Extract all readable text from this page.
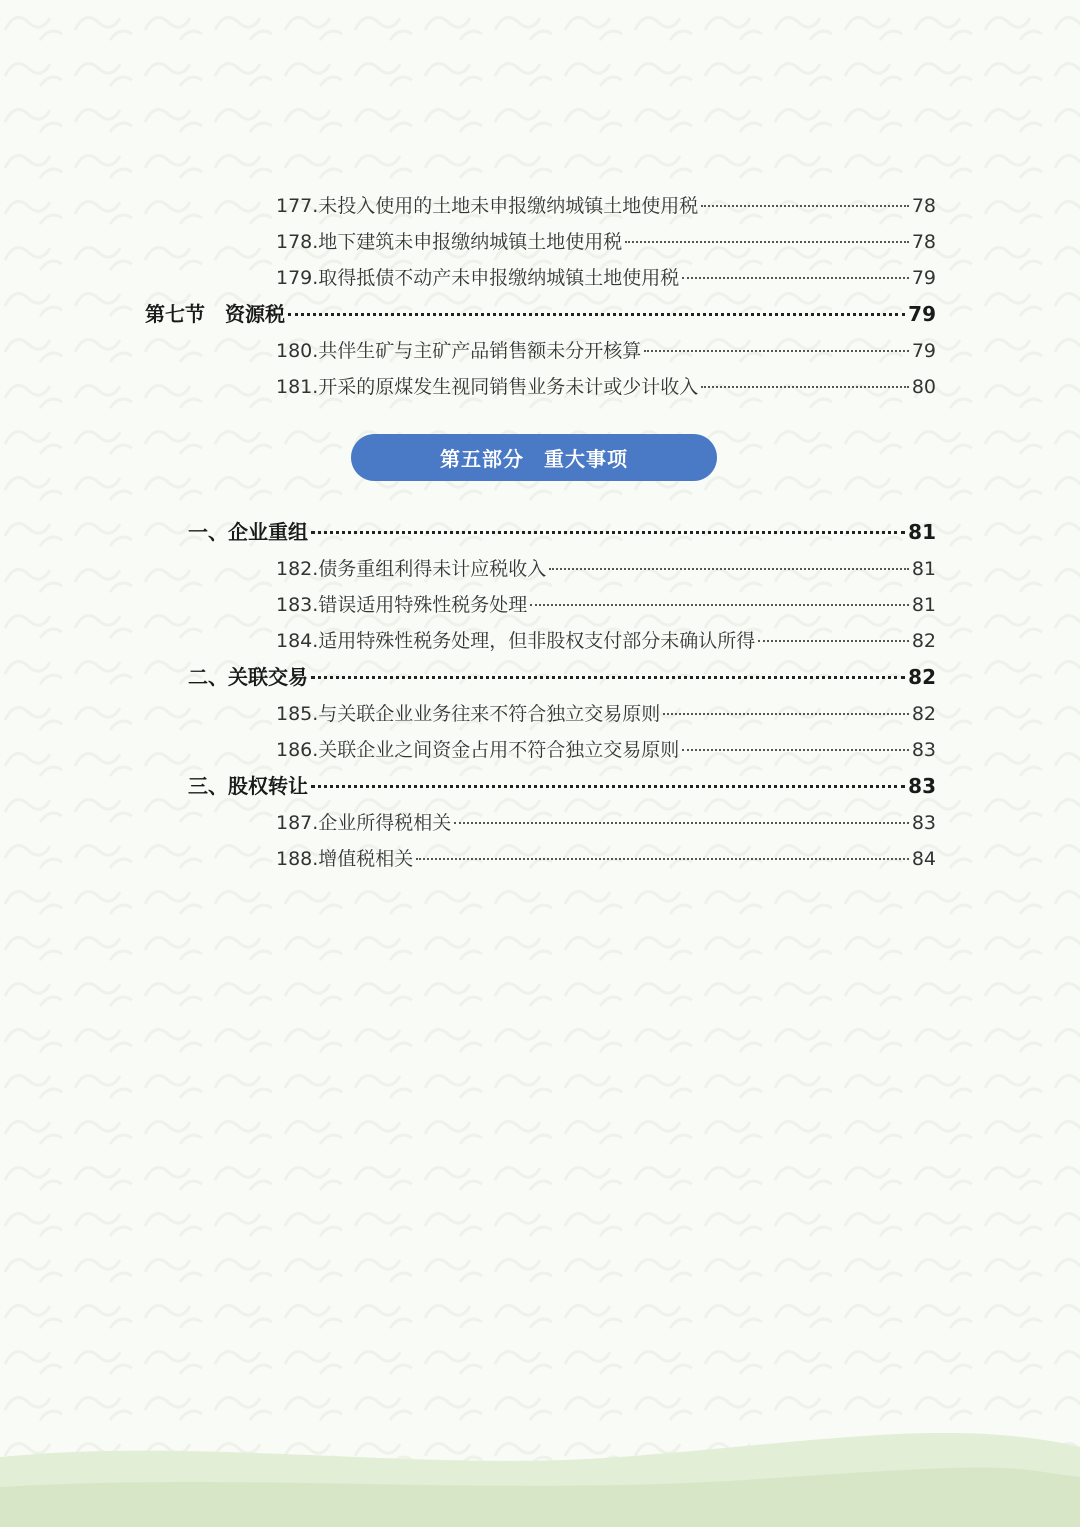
177.未投入使用的土地未申报缴纳城镇土地使用税	78
178.地下建筑未申报缴纳城镇土地使用税	78
179.取得抵债不动产未申报缴纳城镇土地使用税	79
第七节　资源税	79
180.共伴生矿与主矿产品销售额未分开核算	79
181.开采的原煤发生视同销售业务未计或少计收入	80
第五部分 重大事项
一、企业重组	81
182.债务重组利得未计应税收入	81
183.错误适用特殊性税务处理	81
184.适用特殊性税务处理，但非股权支付部分未确认所得	82
二、关联交易	82
185.与关联企业业务往来不符合独立交易原则	82
186.关联企业之间资金占用不符合独立交易原则	83
三、股权转让	83
187.企业所得税相关	83
188.增值税相关	84
